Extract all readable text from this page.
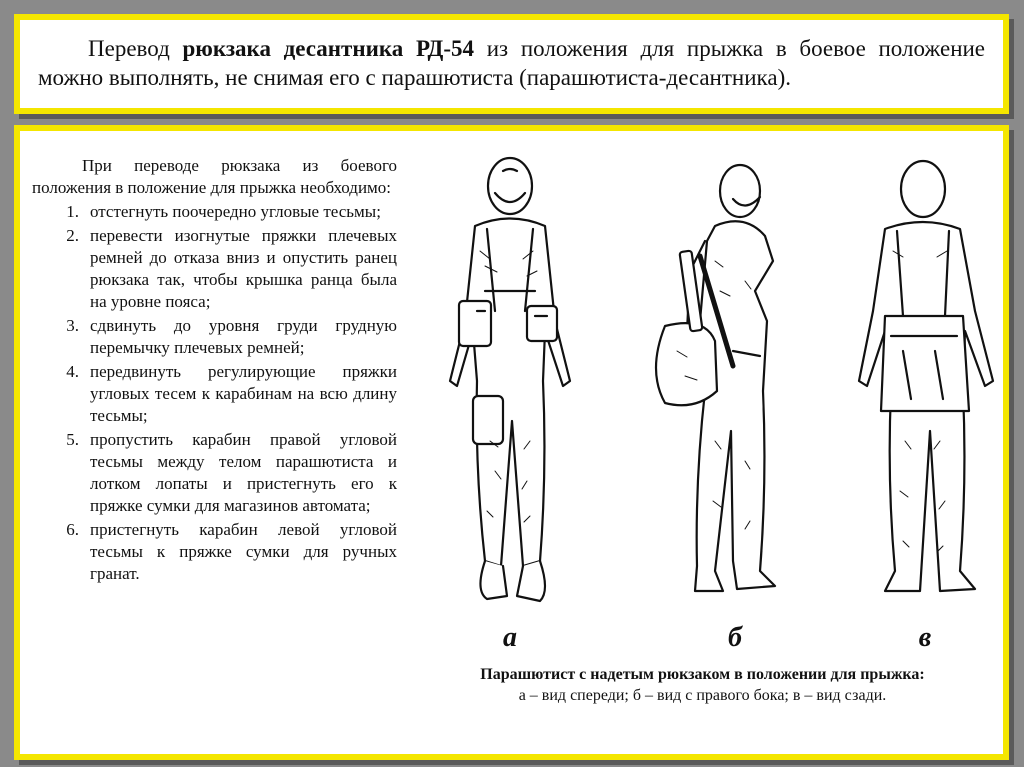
Перевод рюкзака десантника РД-54 из положения для прыжка в боевое положение можно выполнять, не снимая его с парашютиста (парашютиста-десантника).

При переводе рюкзака из боевого положения в положение для прыжка необходимо:

1. отстегнуть поочередно угловые тесьмы;
2. перевести изогнутые пряжки плечевых ремней до отказа вниз и опустить ранец рюкзака так, чтобы крышка ранца была на уровне пояса;
3. сдвинуть до уровня груди грудную перемычку плечевых ремней;
4. передвинуть регулирующие пряжки угловых тесем к карабинам на всю длину тесьмы;
5. пропустить карабин правой угловой тесьмы между телом парашютиста и лотком лопаты и пристегнуть его к пряжке сумки для магазинов автомата;
6. пристегнуть карабин левой угловой тесьмы к пряжке сумки для ручных гранат.
а	б	в
Парашютист с надетым рюкзаком в положении для прыжка:
а – вид спереди; б – вид с правого бока; в – вид сзади.
